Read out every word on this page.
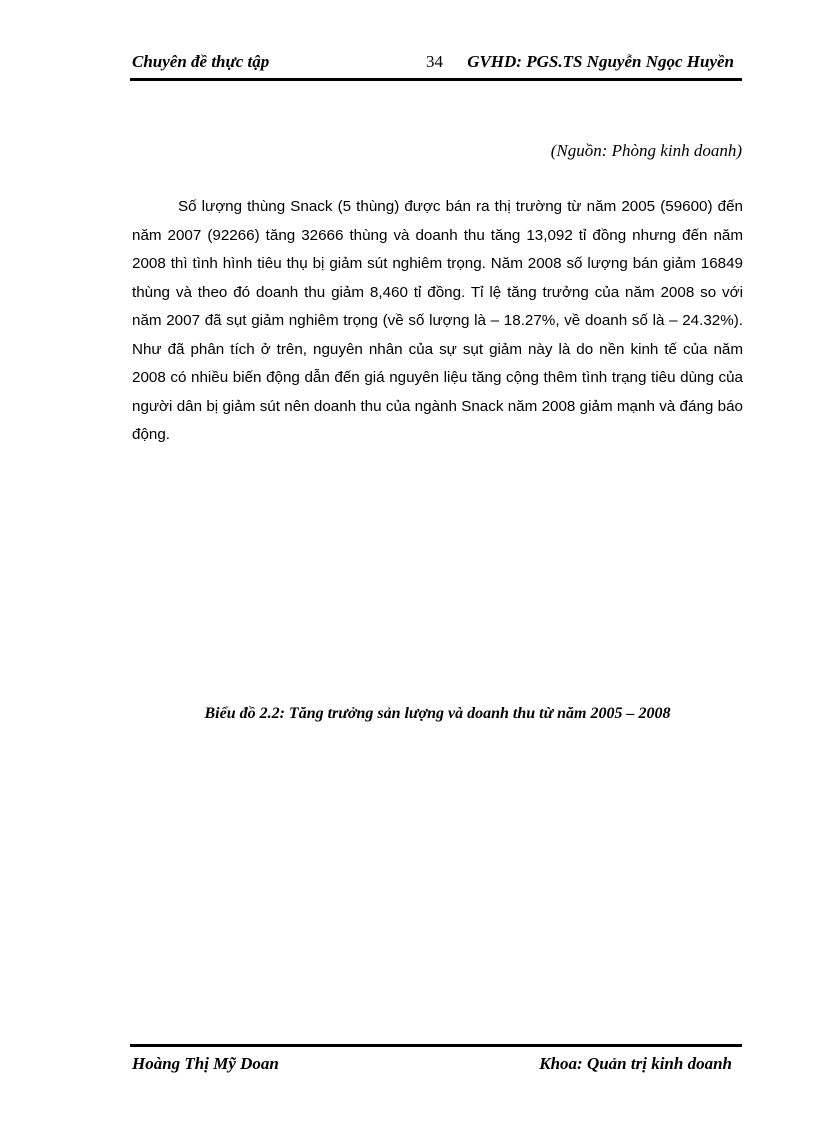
Chuyên đề thực tập	34 GVHD: PGS.TS Nguyễn Ngọc Huyền
(Nguồn: Phòng kinh doanh)

Số lượng thùng Snack (5 thùng) được bán ra thị trường từ năm 2005 (59600) đến năm 2007 (92266) tăng 32666 thùng và doanh thu tăng 13,092 tỉ đồng nhưng đến năm 2008 thì tình hình tiêu thụ bị giảm sút nghiêm trọng. Năm 2008 số lượng bán giảm 16849 thùng và theo đó doanh thu giảm 8,460 tỉ đồng. Tỉ lệ tăng trưởng của năm 2008 so với năm 2007 đã sụt giảm nghiêm trọng (về số lượng là – 18.27%, về doanh số là – 24.32%). Như đã phân tích ở trên, nguyên nhân của sự sụt giảm này là do nền kinh tế của năm 2008 có nhiều biến động dẫn đến giá nguyên liệu tăng cộng thêm tình trạng tiêu dùng của người dân bị giảm sút nên doanh thu của ngành Snack năm 2008 giảm mạnh và đáng báo động.

Biểu đồ 2.2: Tăng trưởng sản lượng và doanh thu từ năm 2005 – 2008
Hoàng Thị Mỹ Doan	Khoa: Quản trị kinh doanh
